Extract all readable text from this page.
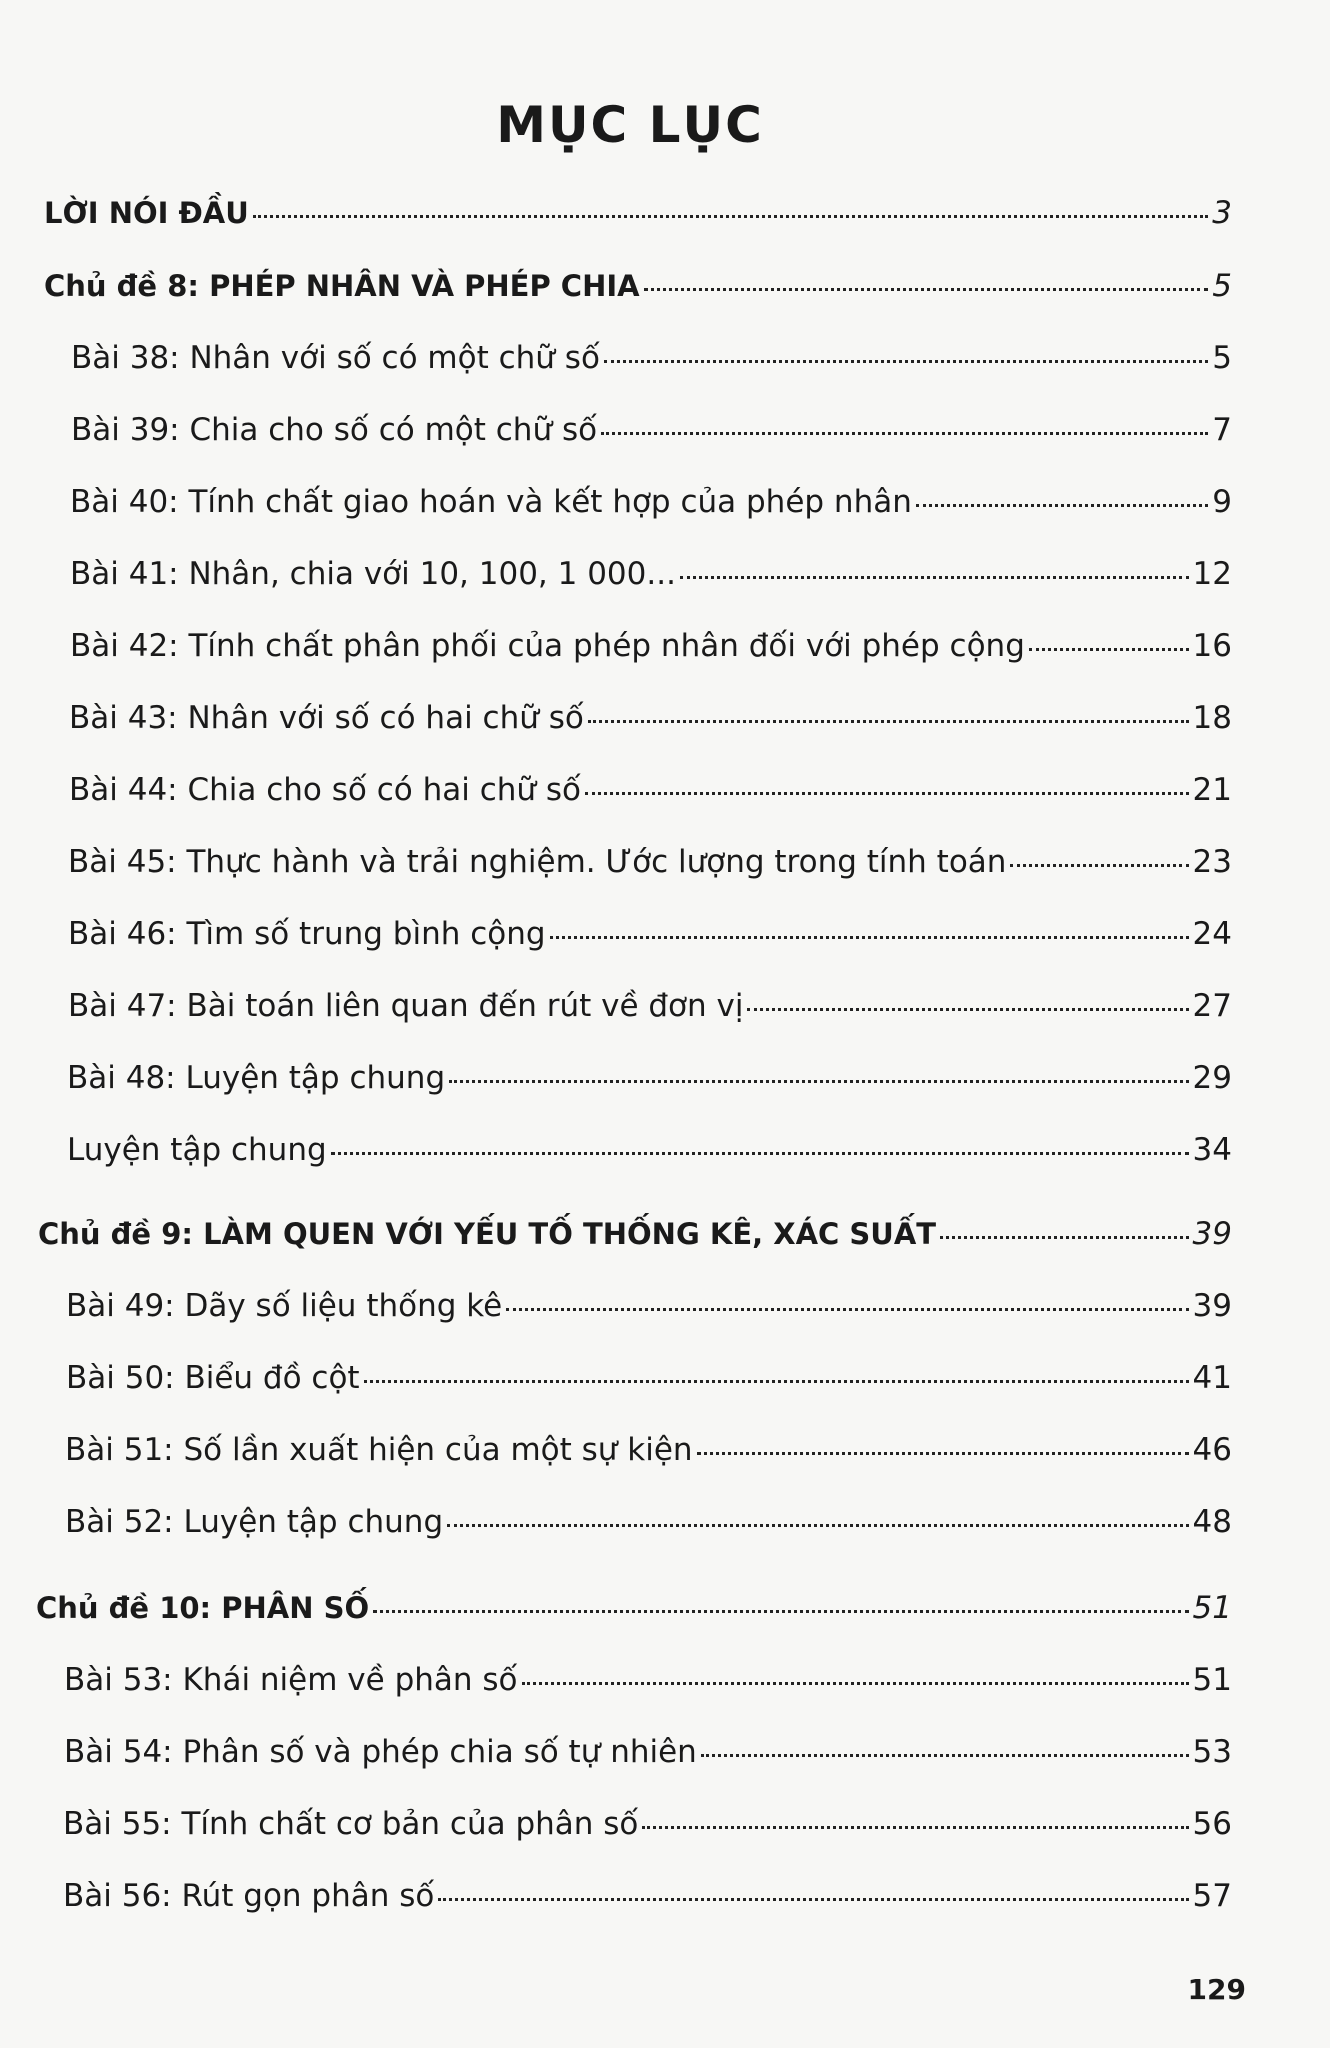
MỤC LỤC
LỜI NÓI ĐẦU	3
Chủ đề 8: PHÉP NHÂN VÀ PHÉP CHIA	5
Bài 38: Nhân với số có một chữ số	5
Bài 39: Chia cho số có một chữ số	7
Bài 40: Tính chất giao hoán và kết hợp của phép nhân	9
Bài 41: Nhân, chia với 10, 100, 1 000...	12
Bài 42: Tính chất phân phối của phép nhân đối với phép cộng	16
Bài 43: Nhân với số có hai chữ số	18
Bài 44: Chia cho số có hai chữ số	21
Bài 45: Thực hành và trải nghiệm. Ước lượng trong tính toán	23
Bài 46: Tìm số trung bình cộng	24
Bài 47: Bài toán liên quan đến rút về đơn vị	27
Bài 48: Luyện tập chung	29
Luyện tập chung	34
Chủ đề 9: LÀM QUEN VỚI YẾU TỐ THỐNG KÊ, XÁC SUẤT	39
Bài 49: Dãy số liệu thống kê	39
Bài 50: Biểu đồ cột	41
Bài 51: Số lần xuất hiện của một sự kiện	46
Bài 52: Luyện tập chung	48
Chủ đề 10: PHÂN SỐ	51
Bài 53: Khái niệm về phân số	51
Bài 54: Phân số và phép chia số tự nhiên	53
Bài 55: Tính chất cơ bản của phân số	56
Bài 56: Rút gọn phân số	57
129
